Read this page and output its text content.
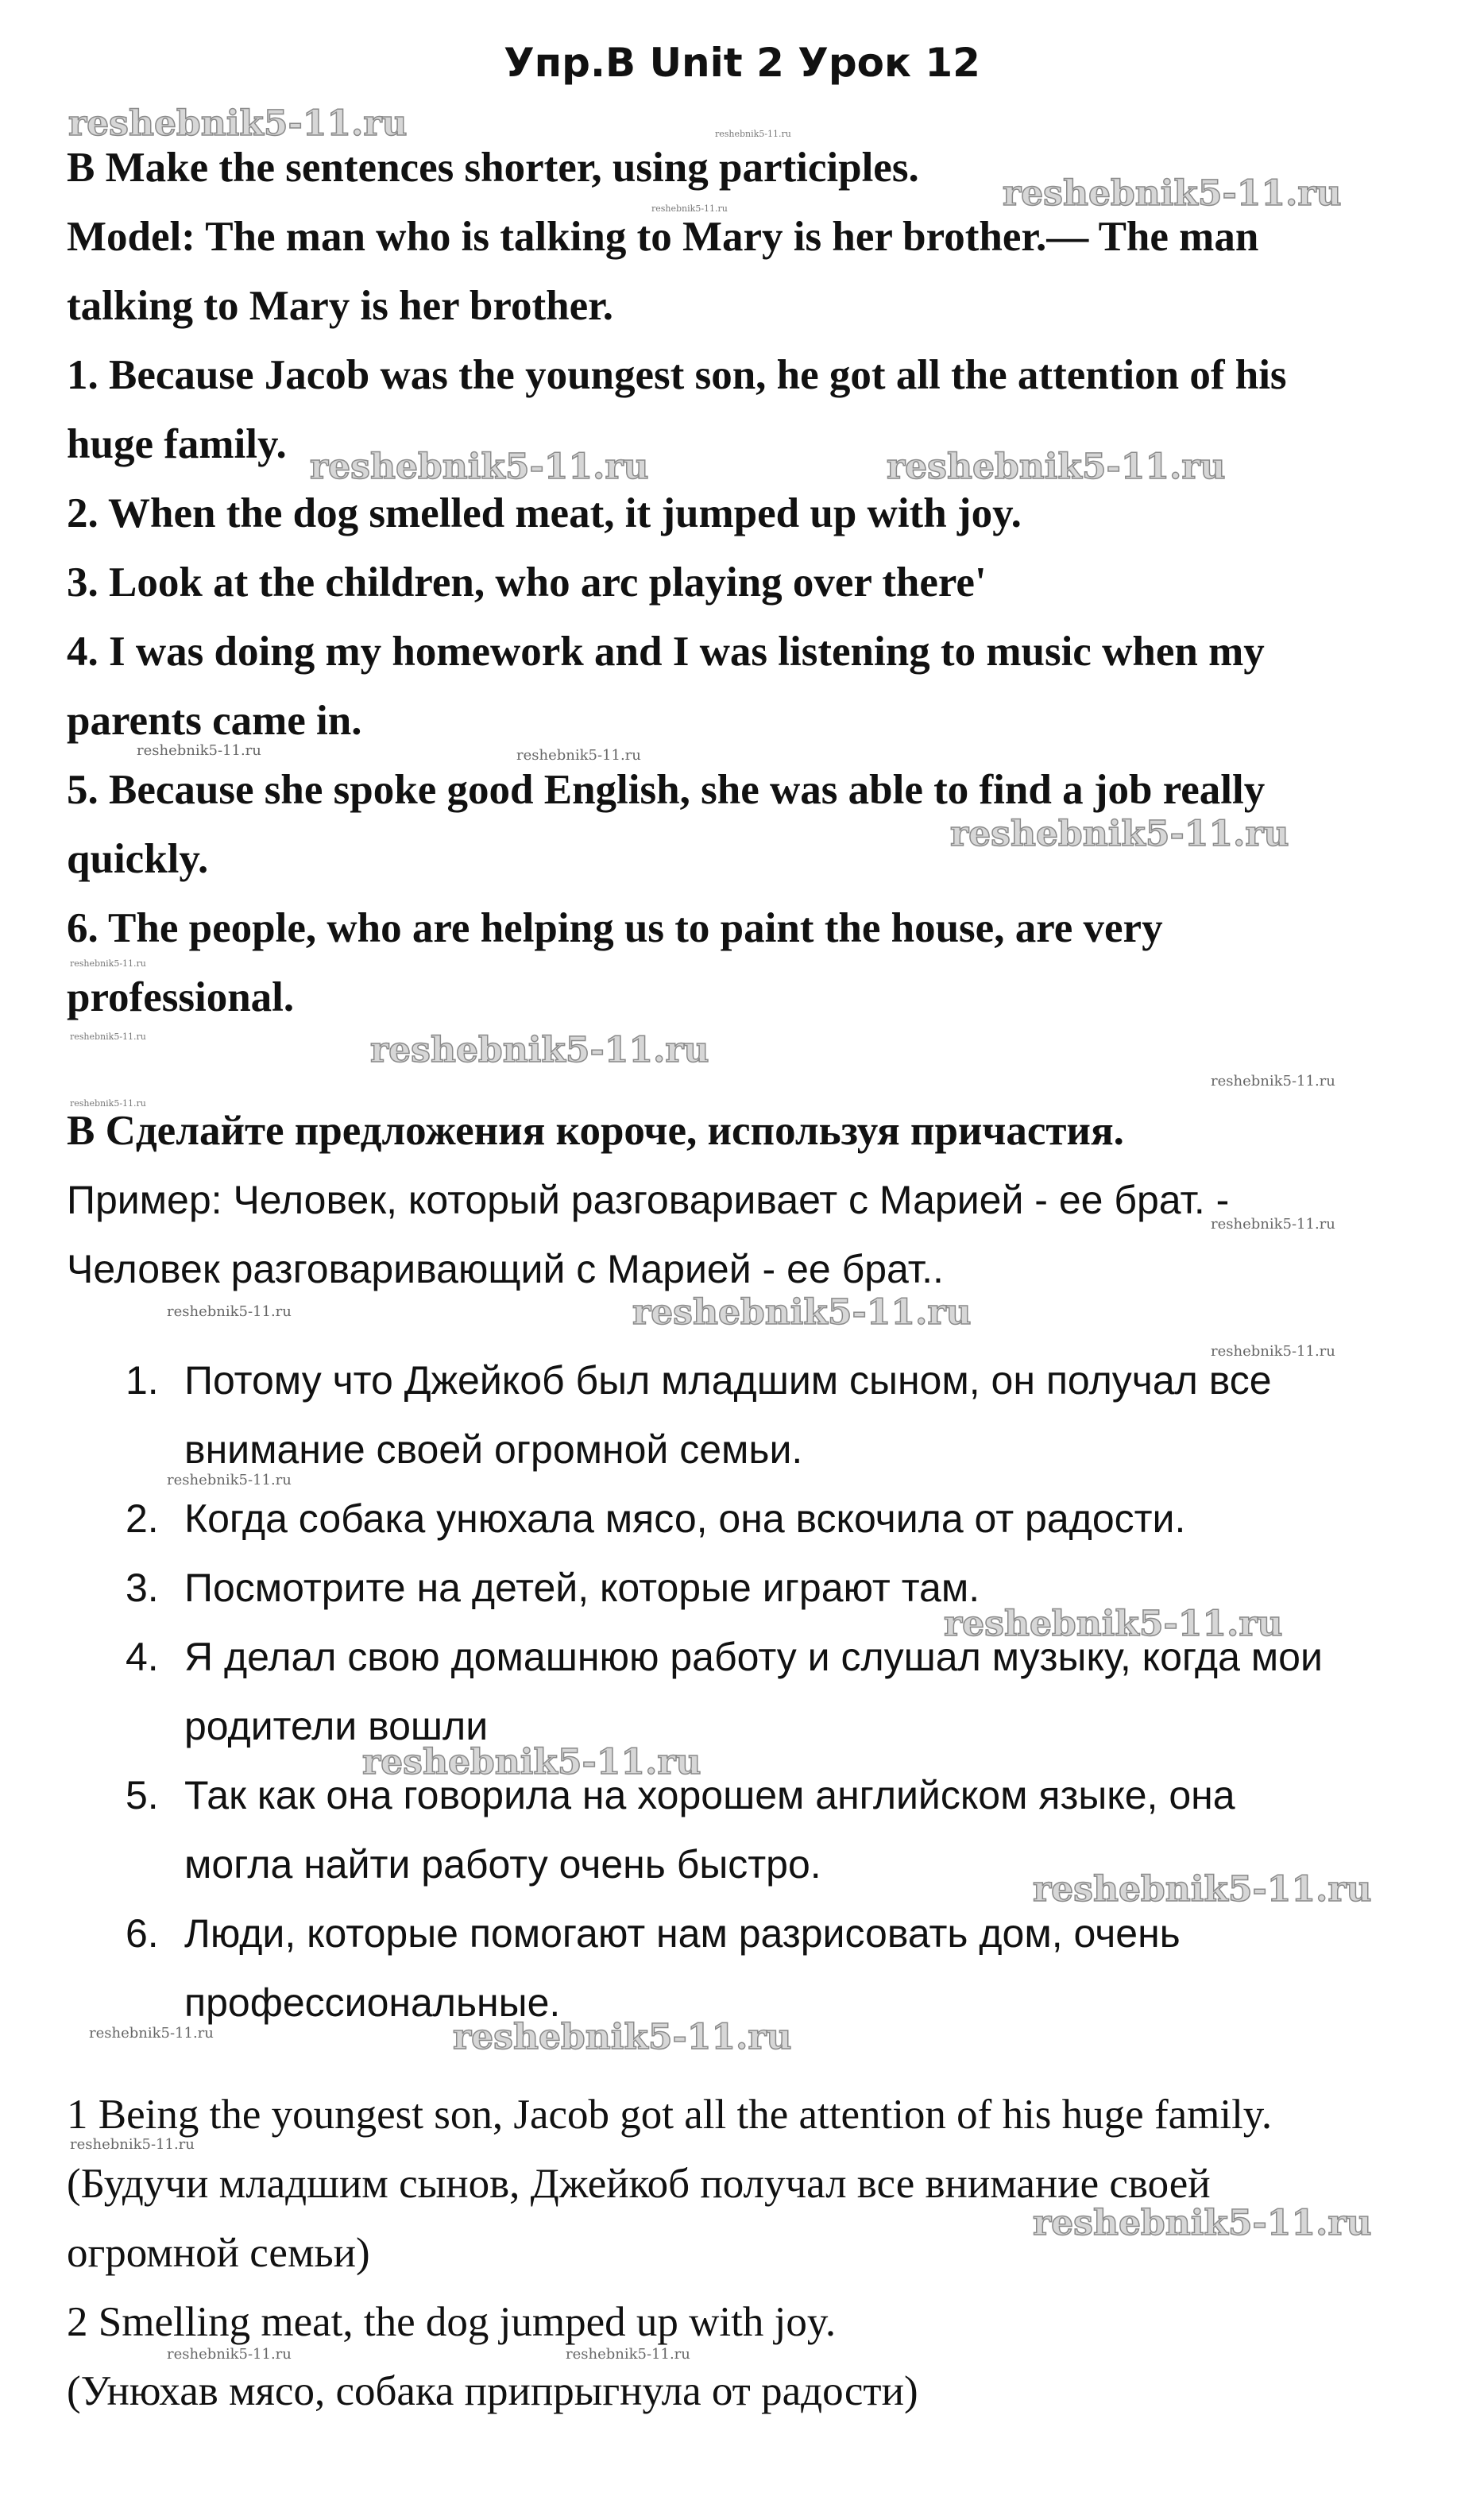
Упр.В Unit 2 Урок 12
B Make the sentences shorter, using participles.
Model: The man who is talking to Mary is her brother.— The man
talking to Mary is her brother.
1. Because Jacob was the youngest son, he got all the attention of his
huge family.
2. When the dog smelled meat, it jumped up with joy.
3. Look at the children, who arc playing over there'
4. I was doing my homework and I was listening to music when my
parents came in.
5. Because she spoke good English, she was able to find a job really
quickly.
6. The people, who are helping us to paint the house, are very
professional.
В Сделайте предложения короче, используя причастия.
Пример: Человек, который разговаривает с Марией - ее брат. -
Человек разговаривающий с Марией - ее брат..
1. Потому что Джейкоб был младшим сыном, он получал все
внимание своей огромной семьи.
2. Когда собака унюхала мясо, она вскочила от радости.
3. Посмотрите на детей, которые играют там.
4. Я делал свою домашнюю работу и слушал музыку, когда мои
родители вошли
5. Так как она говорила на хорошем английском языке, она
могла найти работу очень быстро.
6. Люди, которые помогают нам разрисовать дом, очень
профессиональные.
1 Being the youngest son, Jacob got all the attention of his huge family.
(Будучи младшим сынов, Джейкоб получал все внимание своей
огромной семьи)
2 Smelling meat, the dog jumped up with joy.
(Унюхав мясо, собака припрыгнула от радости)
reshebnik5-11.ru	reshebnik5-11.ru
reshebnik5-11.ru
reshebnik5-11.ru
reshebnik5-11.ru	reshebnik5-11.ru
reshebnik5-11.ru	reshebnik5-11.ru
reshebnik5-11.ru
reshebnik5-11.ru
reshebnik5-11.ru	reshebnik5-11.ru
reshebnik5-11.ru
reshebnik5-11.ru
reshebnik5-11.ru
reshebnik5-11.ru	reshebnik5-11.ru
reshebnik5-11.ru
reshebnik5-11.ru
reshebnik5-11.ru
reshebnik5-11.ru
reshebnik5-11.ru
reshebnik5-11.ru	reshebnik5-11.ru
reshebnik5-11.ru
reshebnik5-11.ru
reshebnik5-11.ru	reshebnik5-11.ru
